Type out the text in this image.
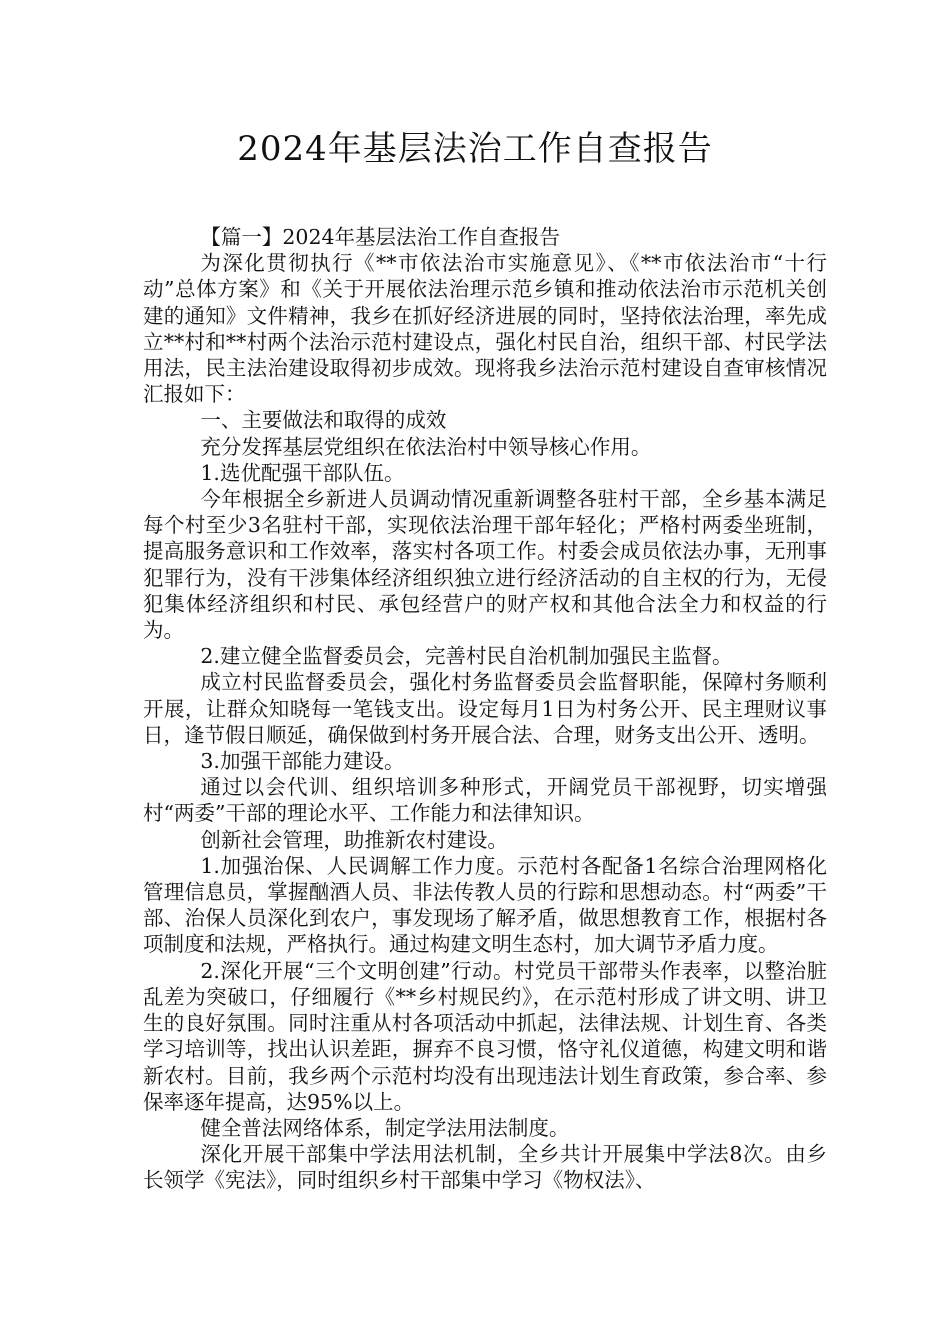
2024年基层法治工作自查报告

【篇一】2024年基层法治工作自查报告

为深化贯彻执行《**市依法治市实施意见》、《**市依法治市“十行动”总体方案》和《关于开展依法治理示范乡镇和推动依法治市示范机关创建的通知》文件精神，我乡在抓好经济进展的同时，坚持依法治理，率先成立**村和**村两个法治示范村建设点，强化村民自治，组织干部、村民学法用法，民主法治建设取得初步成效。现将我乡法治示范村建设自查审核情况汇报如下：

一、主要做法和取得的成效

充分发挥基层党组织在依法治村中领导核心作用。

1.选优配强干部队伍。

今年根据全乡新进人员调动情况重新调整各驻村干部，全乡基本满足每个村至少3名驻村干部，实现依法治理干部年轻化；严格村两委坐班制，提高服务意识和工作效率，落实村各项工作。村委会成员依法办事，无刑事犯罪行为，没有干涉集体经济组织独立进行经济活动的自主权的行为，无侵犯集体经济组织和村民、承包经营户的财产权和其他合法全力和权益的行为。

2.建立健全监督委员会，完善村民自治机制加强民主监督。

成立村民监督委员会，强化村务监督委员会监督职能，保障村务顺利开展，让群众知晓每一笔钱支出。设定每月1日为村务公开、民主理财议事日，逢节假日顺延，确保做到村务开展合法、合理，财务支出公开、透明。

3.加强干部能力建设。

通过以会代训、组织培训多种形式，开阔党员干部视野，切实增强村“两委”干部的理论水平、工作能力和法律知识。

创新社会管理，助推新农村建设。

1.加强治保、人民调解工作力度。示范村各配备1名综合治理网格化管理信息员，掌握酗酒人员、非法传教人员的行踪和思想动态。村“两委”干部、治保人员深化到农户，事发现场了解矛盾，做思想教育工作，根据村各项制度和法规，严格执行。通过构建文明生态村，加大调节矛盾力度。

2.深化开展“三个文明创建”行动。村党员干部带头作表率，以整治脏乱差为突破口，仔细履行《**乡村规民约》，在示范村形成了讲文明、讲卫生的良好氛围。同时注重从村各项活动中抓起，法律法规、计划生育、各类学习培训等，找出认识差距，摒弃不良习惯，恪守礼仪道德，构建文明和谐新农村。目前，我乡两个示范村均没有出现违法计划生育政策，参合率、参保率逐年提高，达95%以上。

健全普法网络体系，制定学法用法制度。

深化开展干部集中学法用法机制，全乡共计开展集中学法8次。由乡长领学《宪法》，同时组织乡村干部集中学习《物权法》、
